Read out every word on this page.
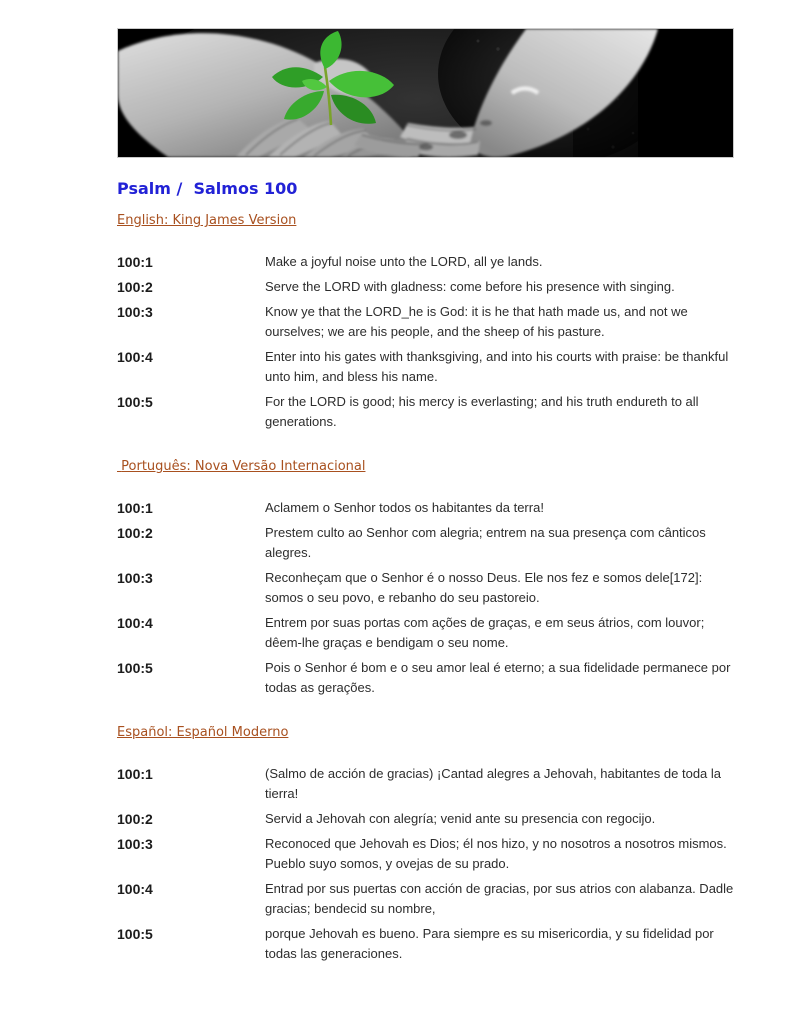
Psalm /  Salmos 100
English: King James Version
100:1	Make a joyful noise unto the LORD, all ye lands.
100:2	Serve the LORD with gladness: come before his presence with singing.
100:3	Know ye that the LORD_he is God: it is he that hath made us, and not we ourselves; we are his people, and the sheep of his pasture.
100:4	Enter into his gates with thanksgiving, and into his courts with praise: be thankful unto him, and bless his name.
100:5	For the LORD is good; his mercy is everlasting; and his truth endureth to all generations.
Português: Nova Versão Internacional
100:1	Aclamem o Senhor todos os habitantes da terra!
100:2	Prestem culto ao Senhor com alegria; entrem na sua presença com cânticos alegres.
100:3	Reconheçam que o Senhor é o nosso Deus. Ele nos fez e somos dele[172]: somos o seu povo, e rebanho do seu pastoreio.
100:4	Entrem por suas portas com ações de graças, e em seus átrios, com louvor; dêem-lhe graças e bendigam o seu nome.
100:5	Pois o Senhor é bom e o seu amor leal é eterno; a sua fidelidade permanece por todas as gerações.
Español: Español Moderno
100:1	(Salmo de acción de gracias) ¡Cantad alegres a Jehovah, habitantes de toda la tierra!
100:2	Servid a Jehovah con alegría; venid ante su presencia con regocijo.
100:3	Reconoced que Jehovah es Dios; él nos hizo, y no nosotros a nosotros mismos. Pueblo suyo somos, y ovejas de su prado.
100:4	Entrad por sus puertas con acción de gracias, por sus atrios con alabanza. Dadle gracias; bendecid su nombre,
100:5	porque Jehovah es bueno. Para siempre es su misericordia, y su fidelidad por todas las generaciones.
